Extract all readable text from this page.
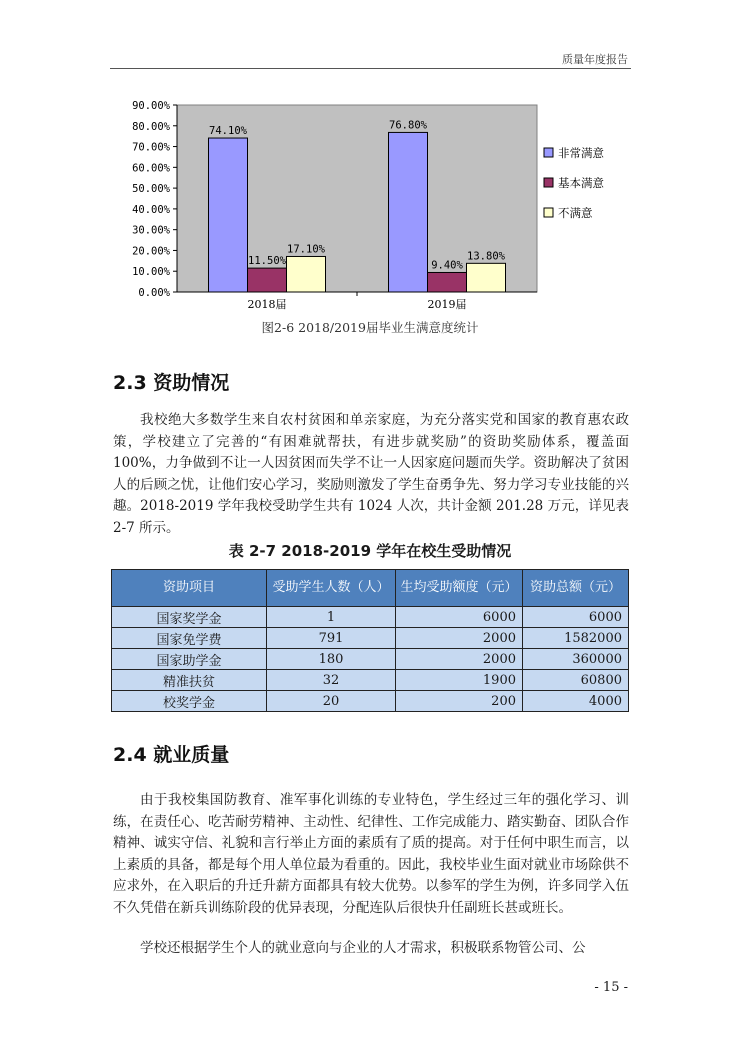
质量年度报告
0.00%
10.00%
20.00%
30.00%
40.00%
50.00%
60.00%
70.00%
80.00%
90.00%
74.10%
11.50%
17.10%
2018届
76.80%
9.40%
13.80%
2019届
非常满意
基本满意
不满意
图2-6 2018/2019届毕业生满意度统计
2.3 资助情况

我校绝大多数学生来自农村贫困和单亲家庭，为充分落实党和国家的教育惠农政策，学校建立了完善的“有困难就帮扶，有进步就奖励”的资助奖励体系，覆盖面 100%，力争做到不让一人因贫困而失学不让一人因家庭问题而失学。资助解决了贫困人的后顾之忧，让他们安心学习，奖励则激发了学生奋勇争先、努力学习专业技能的兴趣。2018-2019 学年我校受助学生共有 1024 人次，共计金额 201.28 万元，详见表 2-7 所示。

表 2-7 2018-2019 学年在校生受助情况
资助项目	受助学生人数（人）	生均受助额度（元）	资助总额（元）
国家奖学金	1	6000	6000
国家免学费	791	2000	1582000
国家助学金	180	2000	360000
精准扶贫	32	1900	60800
校奖学金	20	200	4000
2.4 就业质量

由于我校集国防教育、准军事化训练的专业特色，学生经过三年的强化学习、训练，在责任心、吃苦耐劳精神、主动性、纪律性、工作完成能力、踏实勤奋、团队合作精神、诚实守信、礼貌和言行举止方面的素质有了质的提高。对于任何中职生而言，以上素质的具备，都是每个用人单位最为看重的。因此，我校毕业生面对就业市场除供不应求外，在入职后的升迁升薪方面都具有较大优势。以参军的学生为例，许多同学入伍不久凭借在新兵训练阶段的优异表现，分配连队后很快升任副班长甚或班长。

学校还根据学生个人的就业意向与企业的人才需求，积极联系物管公司、公

- 15 -
